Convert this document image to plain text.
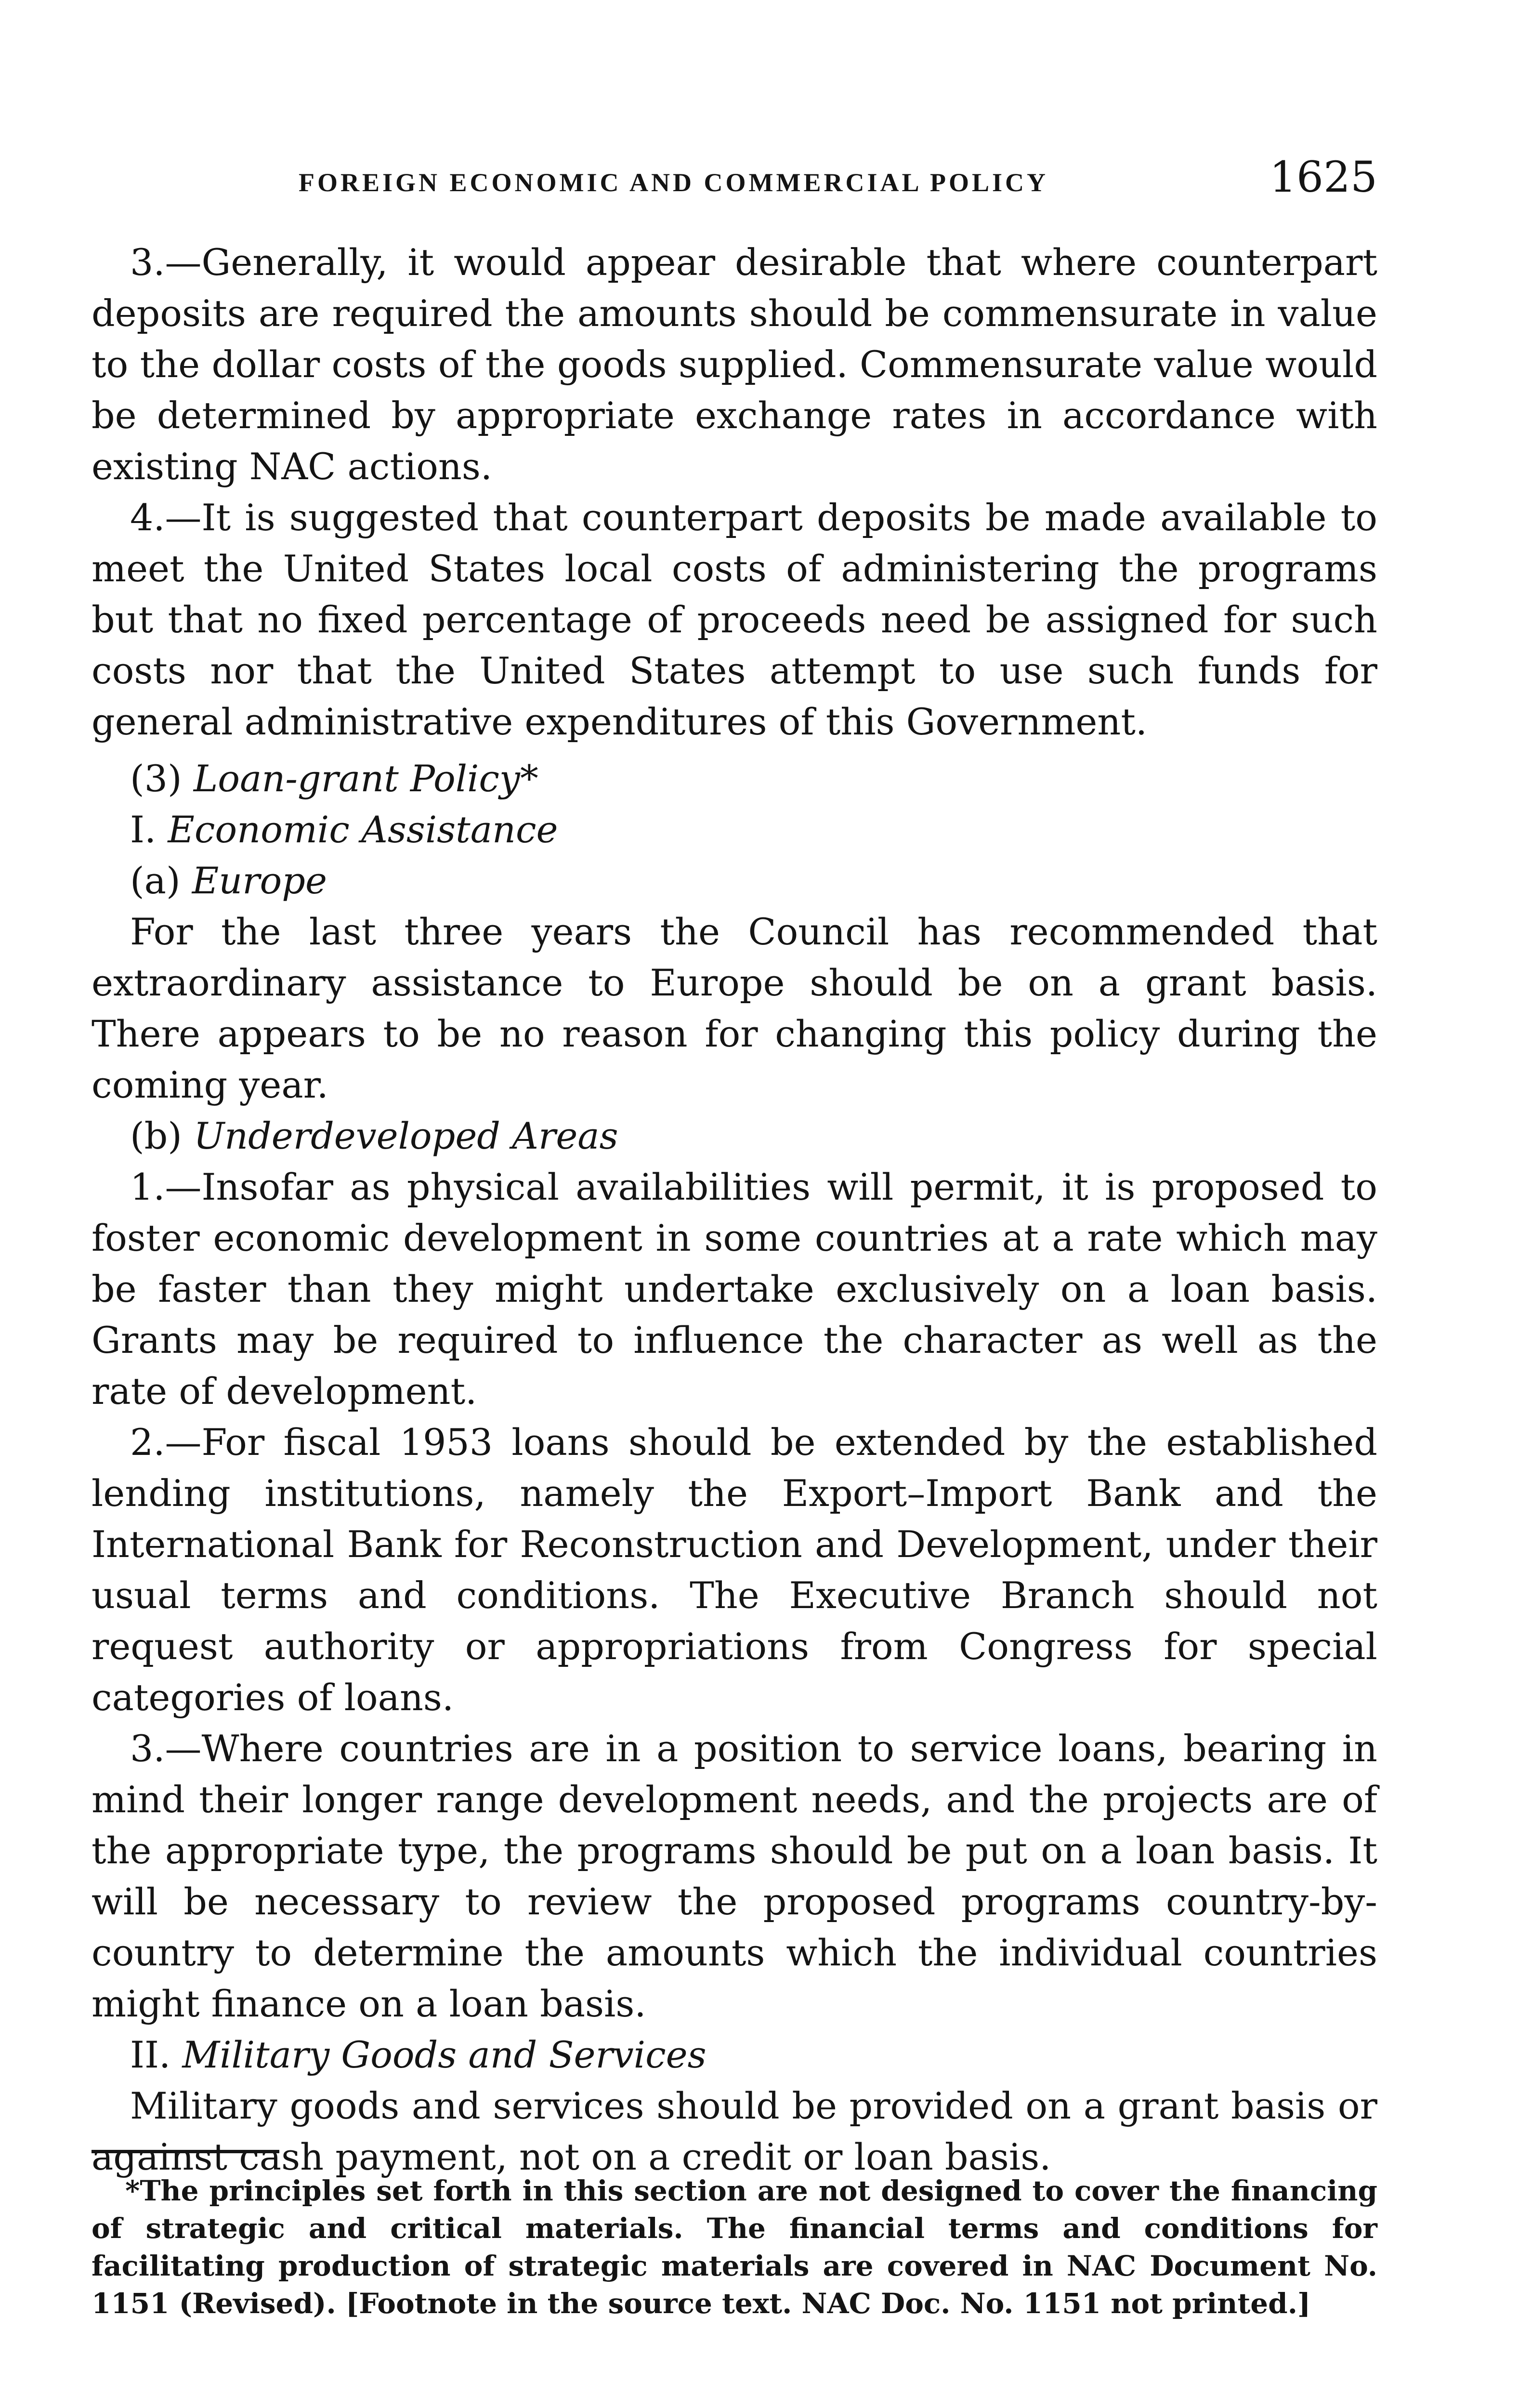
FOREIGN ECONOMIC AND COMMERCIAL POLICY	1625

3.—Generally, it would appear desirable that where counterpart deposits are required the amounts should be commensurate in value to the dollar costs of the goods supplied. Commensurate value would be determined by appropriate exchange rates in accordance with existing NAC actions.

4.—It is suggested that counterpart deposits be made available to meet the United States local costs of administering the programs but that no fixed percentage of proceeds need be assigned for such costs nor that the United States attempt to use such funds for general administrative expenditures of this Government.

(3) Loan-grant Policy*
I. Economic Assistance
(a) Europe

For the last three years the Council has recommended that extraordinary assistance to Europe should be on a grant basis. There appears to be no reason for changing this policy during the coming year.

(b) Underdeveloped Areas

1.—Insofar as physical availabilities will permit, it is proposed to foster economic development in some countries at a rate which may be faster than they might undertake exclusively on a loan basis. Grants may be required to influence the character as well as the rate of development.

2.—For fiscal 1953 loans should be extended by the established lending institutions, namely the Export–Import Bank and the International Bank for Reconstruction and Development, under their usual terms and conditions. The Executive Branch should not request authority or appropriations from Congress for special categories of loans.

3.—Where countries are in a position to service loans, bearing in mind their longer range development needs, and the projects are of the appropriate type, the programs should be put on a loan basis. It will be necessary to review the proposed programs country-by-country to determine the amounts which the individual countries might finance on a loan basis.

II. Military Goods and Services

Military goods and services should be provided on a grant basis or against cash payment, not on a credit or loan basis.

*The principles set forth in this section are not designed to cover the financing of strategic and critical materials. The financial terms and conditions for facilitating production of strategic materials are covered in NAC Document No. 1151 (Revised). [Footnote in the source text. NAC Doc. No. 1151 not printed.]
